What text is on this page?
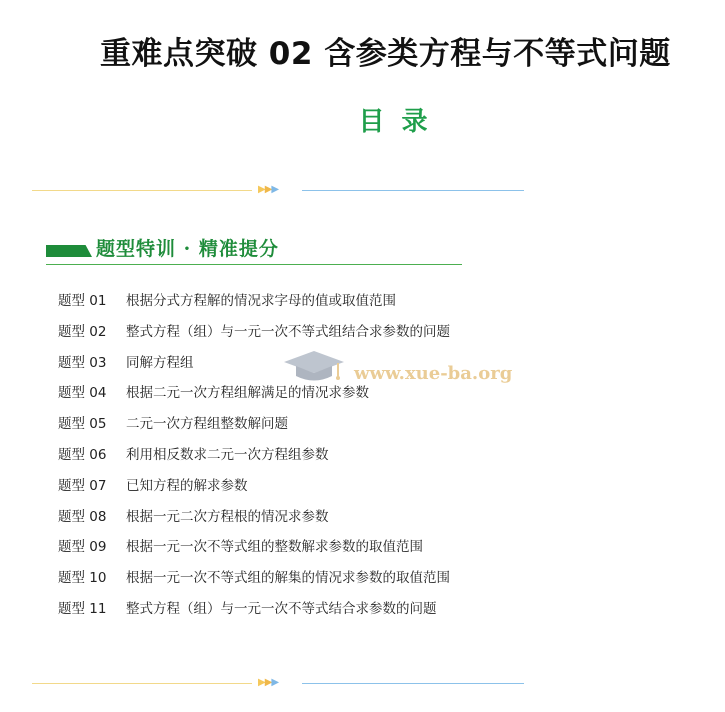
重难点突破 02 含参类方程与不等式问题
目 录
▶▶▶
题型特训 · 精准提分
题型 01	根据分式方程解的情况求字母的值或取值范围
题型 02	整式方程（组）与一元一次不等式组结合求参数的问题
题型 03	同解方程组
题型 04	根据二元一次方程组解满足的情况求参数
题型 05	二元一次方程组整数解问题
题型 06	利用相反数求二元一次方程组参数
题型 07	已知方程的解求参数
题型 08	根据一元二次方程根的情况求参数
题型 09	根据一元一次不等式组的整数解求参数的取值范围
题型 10	根据一元一次不等式组的解集的情况求参数的取值范围
题型 11	整式方程（组）与一元一次不等式结合求参数的问题
www.xue-ba.org
▶▶▶
